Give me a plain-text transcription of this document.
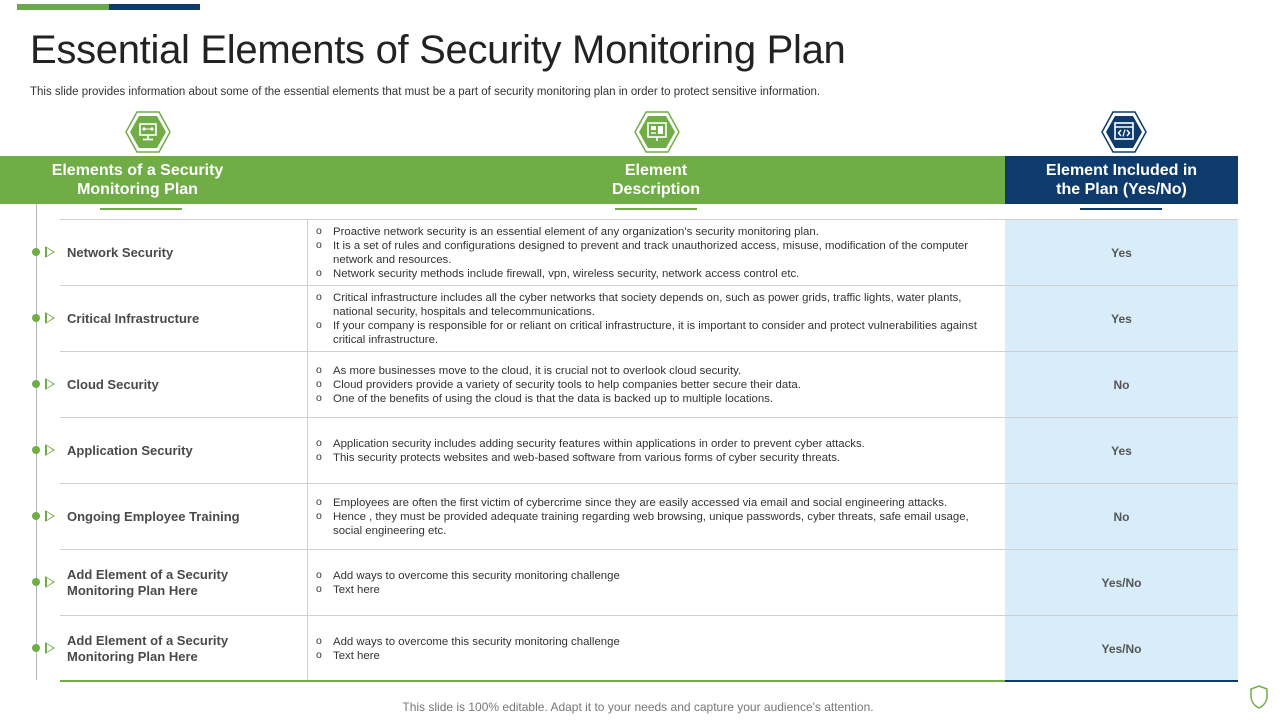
Essential Elements of Security Monitoring Plan

This slide provides information about some of the essential elements that must be a part of security monitoring plan in order to protect sensitive information.

Elements of a Security Monitoring Plan
Element Description
Element Included in the Plan (Yes/No)
Network Security
o Proactive network security is an essential element of any organization's security monitoring plan.
o It is a set of rules and configurations designed to prevent and track unauthorized access, misuse, modification of the computer network and resources.
o Network security methods include firewall, vpn, wireless security, network access control etc.
Yes
Critical Infrastructure
o Critical infrastructure includes all the cyber networks that society depends on, such as power grids, traffic lights, water plants, national security, hospitals and telecommunications.
o If your company is responsible for or reliant on critical infrastructure, it is important to consider and protect vulnerabilities against critical infrastructure.
Yes
Cloud Security
o As more businesses move to the cloud, it is crucial not to overlook cloud security.
o Cloud providers provide a variety of security tools to help companies better secure their data.
o One of the benefits of using the cloud is that the data is backed up to multiple locations.
No
Application Security
o	Application security includes adding security features within applications in order to prevent cyber attacks.
o This security protects websites and web-based software from various forms of cyber security threats.	Yes
Ongoing Employee Training
o Employees are often the first victim of cybercrime since they are easily accessed via email and social engineering attacks.
o Hence , they must be provided adequate training regarding web browsing, unique passwords, cyber threats, safe email usage, social engineering etc.
No
Add Element of a Security Monitoring Plan Here
o Add ways to overcome this security monitoring challenge
o Text here	Yes/No
Add Element of a Security Monitoring Plan Here
o Add ways to overcome this security monitoring challenge
o Text here	Yes/No

This slide is 100% editable. Adapt it to your needs and capture your audience's attention.
